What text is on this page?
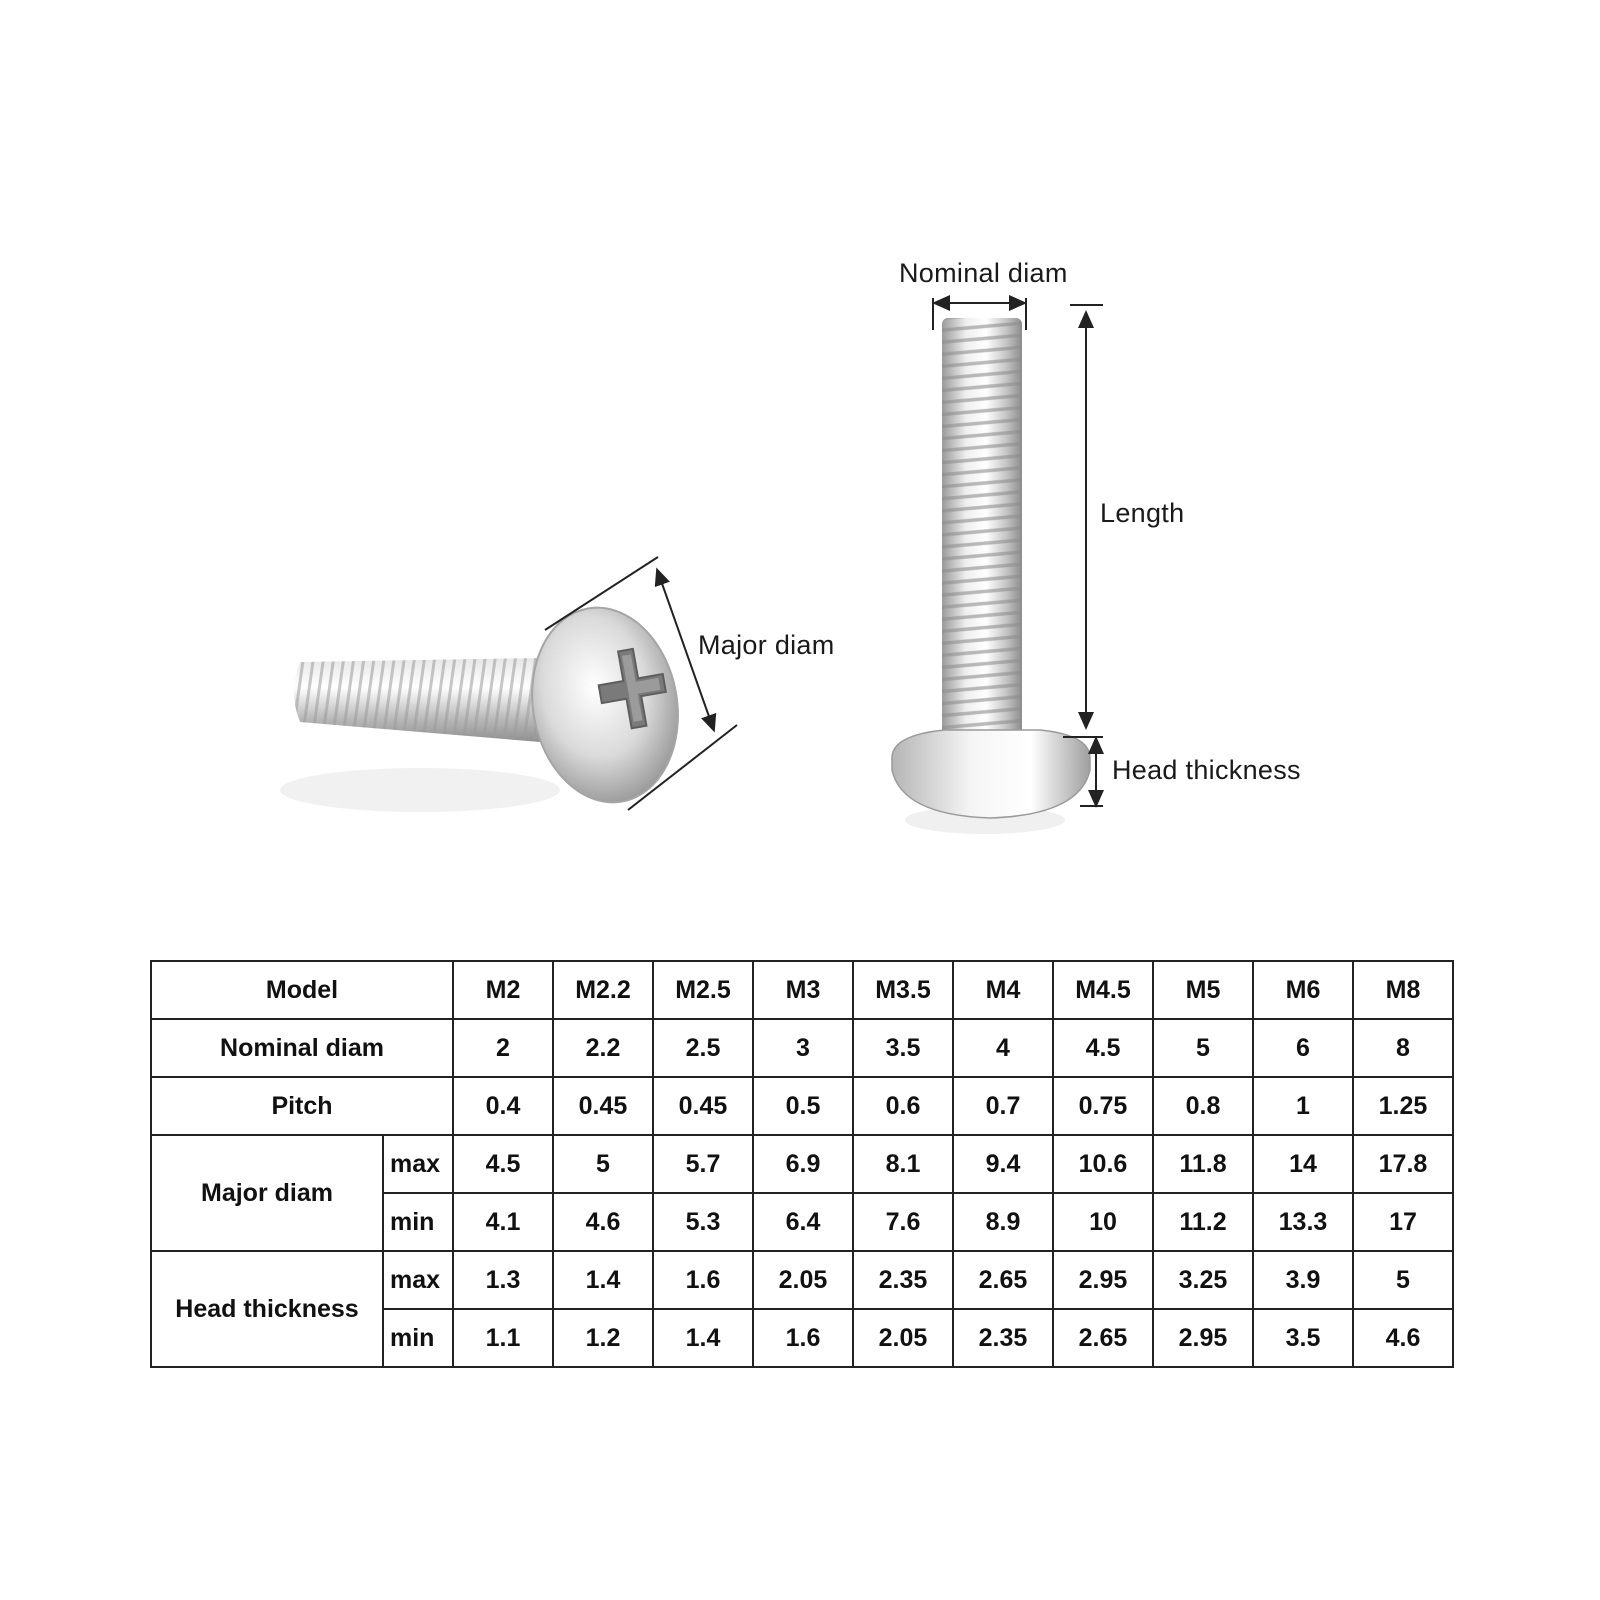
Nominal diam
Length
Major diam
Head thickness
Model		M2	M2.2	M2.5	M3	M3.5	M4	M4.5	M5	M6	M8
Nominal diam		2	2.2	2.5	3	3.5	4	4.5	5	6	8
Pitch		0.4	0.45	0.45	0.5	0.6	0.7	0.75	0.8	1	1.25
Major diam	max	4.5	5	5.7	6.9	8.1	9.4	10.6	11.8	14	17.8
	min	4.1	4.6	5.3	6.4	7.6	8.9	10	11.2	13.3	17
Head thickness	max	1.3	1.4	1.6	2.05	2.35	2.65	2.95	3.25	3.9	5
	min	1.1	1.2	1.4	1.6	2.05	2.35	2.65	2.95	3.5	4.6
